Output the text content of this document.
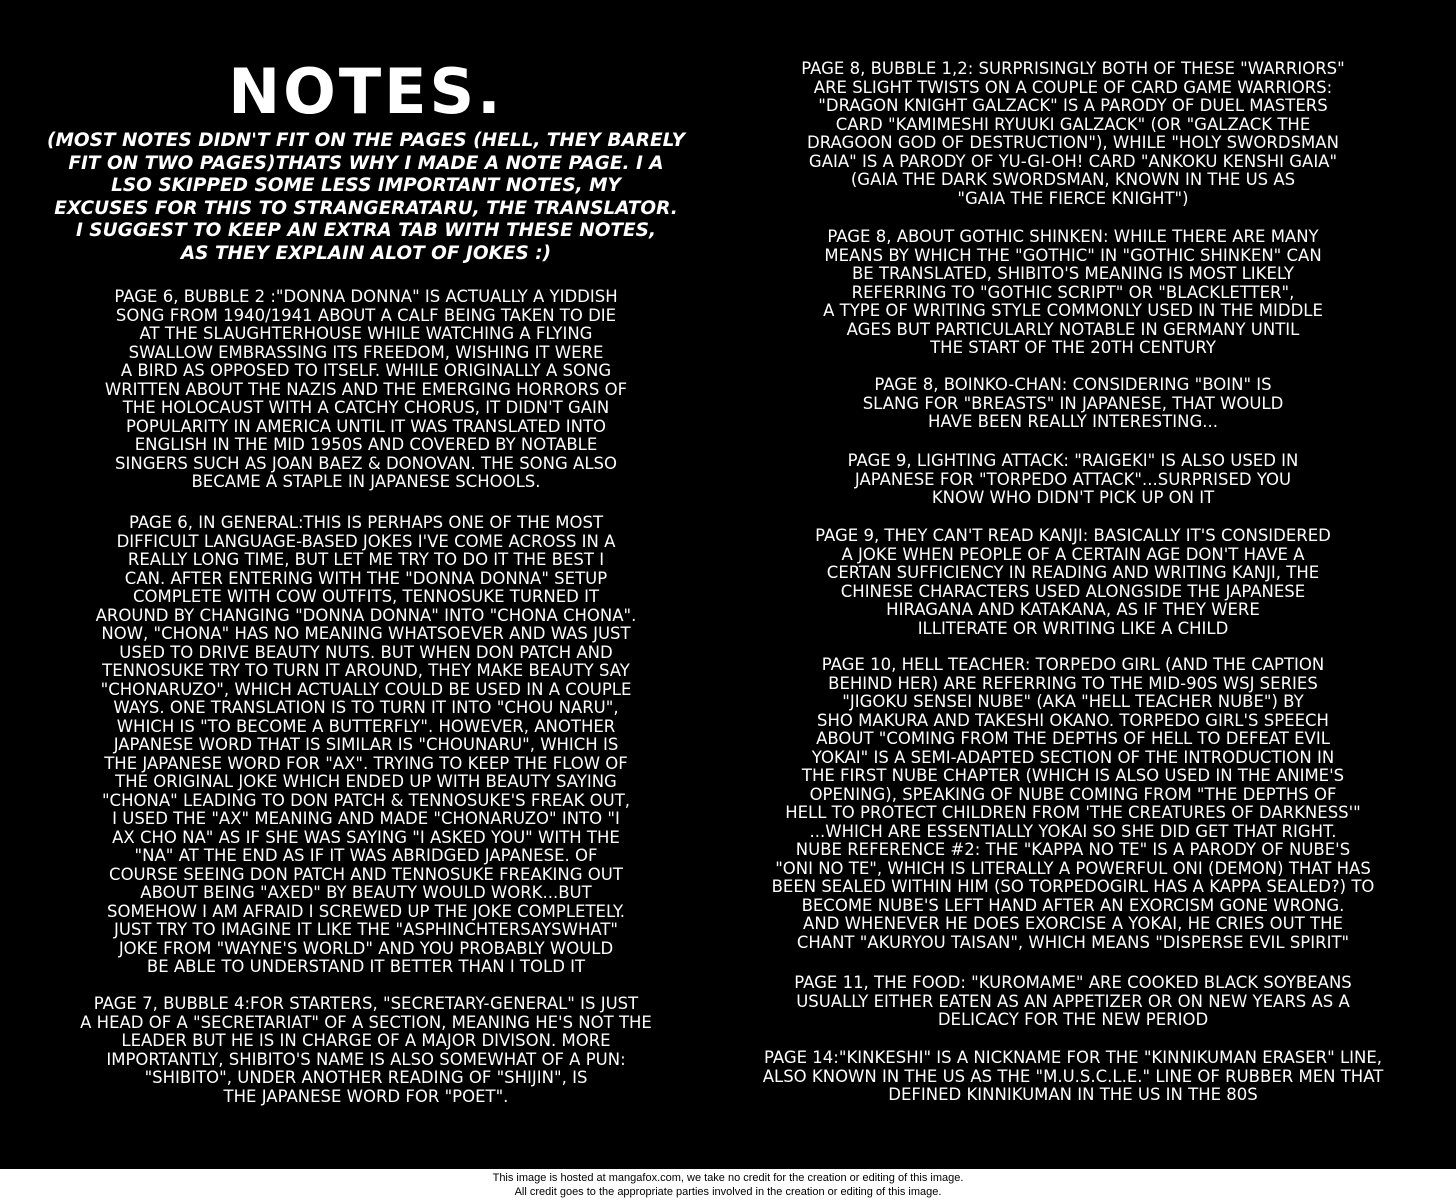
NOTES.
(MOST NOTES DIDN'T FIT ON THE PAGES (HELL, THEY BARELY
FIT ON TWO PAGES)THATS WHY I MADE A NOTE PAGE. I A
LSO SKIPPED SOME LESS IMPORTANT NOTES, MY
EXCUSES FOR THIS TO STRANGERATARU, THE TRANSLATOR.
I SUGGEST TO KEEP AN EXTRA TAB WITH THESE NOTES,
AS THEY EXPLAIN ALOT OF JOKES :)
PAGE 6, BUBBLE 2 :"DONNA DONNA" IS ACTUALLY A YIDDISH
SONG FROM 1940/1941 ABOUT A CALF BEING TAKEN TO DIE
AT THE SLAUGHTERHOUSE WHILE WATCHING A FLYING
SWALLOW EMBRASSING ITS FREEDOM, WISHING IT WERE
A BIRD AS OPPOSED TO ITSELF. WHILE ORIGINALLY A SONG
WRITTEN ABOUT THE NAZIS AND THE EMERGING HORRORS OF
THE HOLOCAUST WITH A CATCHY CHORUS, IT DIDN'T GAIN
POPULARITY IN AMERICA UNTIL IT WAS TRANSLATED INTO
ENGLISH IN THE MID 1950S AND COVERED BY NOTABLE
SINGERS SUCH AS JOAN BAEZ & DONOVAN. THE SONG ALSO
BECAME A STAPLE IN JAPANESE SCHOOLS.
PAGE 6, IN GENERAL:THIS IS PERHAPS ONE OF THE MOST
DIFFICULT LANGUAGE-BASED JOKES I'VE COME ACROSS IN A
REALLY LONG TIME, BUT LET ME TRY TO DO IT THE BEST I
CAN. AFTER ENTERING WITH THE "DONNA DONNA" SETUP
COMPLETE WITH COW OUTFITS, TENNOSUKE TURNED IT
AROUND BY CHANGING "DONNA DONNA" INTO "CHONA CHONA".
NOW, "CHONA" HAS NO MEANING WHATSOEVER AND WAS JUST
USED TO DRIVE BEAUTY NUTS. BUT WHEN DON PATCH AND
TENNOSUKE TRY TO TURN IT AROUND, THEY MAKE BEAUTY SAY
"CHONARUZO", WHICH ACTUALLY COULD BE USED IN A COUPLE
WAYS. ONE TRANSLATION IS TO TURN IT INTO "CHOU NARU",
WHICH IS "TO BECOME A BUTTERFLY". HOWEVER, ANOTHER
JAPANESE WORD THAT IS SIMILAR IS "CHOUNARU", WHICH IS
THE JAPANESE WORD FOR "AX". TRYING TO KEEP THE FLOW OF
THE ORIGINAL JOKE WHICH ENDED UP WITH BEAUTY SAYING
"CHONA" LEADING TO DON PATCH & TENNOSUKE'S FREAK OUT,
I USED THE "AX" MEANING AND MADE "CHONARUZO" INTO "I
AX CHO NA" AS IF SHE WAS SAYING "I ASKED YOU" WITH THE
"NA" AT THE END AS IF IT WAS ABRIDGED JAPANESE. OF
COURSE SEEING DON PATCH AND TENNOSUKE FREAKING OUT
ABOUT BEING "AXED" BY BEAUTY WOULD WORK...BUT
SOMEHOW I AM AFRAID I SCREWED UP THE JOKE COMPLETELY.
JUST TRY TO IMAGINE IT LIKE THE "ASPHINCHTERSAYSWHAT"
JOKE FROM "WAYNE'S WORLD" AND YOU PROBABLY WOULD
BE ABLE TO UNDERSTAND IT BETTER THAN I TOLD IT
PAGE 7, BUBBLE 4:FOR STARTERS, "SECRETARY-GENERAL" IS JUST
A HEAD OF A "SECRETARIAT" OF A SECTION, MEANING HE'S NOT THE
LEADER BUT HE IS IN CHARGE OF A MAJOR DIVISON. MORE
IMPORTANTLY, SHIBITO'S NAME IS ALSO SOMEWHAT OF A PUN:
"SHIBITO", UNDER ANOTHER READING OF "SHIJIN", IS
THE JAPANESE WORD FOR "POET".
PAGE 8, BUBBLE 1,2: SURPRISINGLY BOTH OF THESE "WARRIORS"
ARE SLIGHT TWISTS ON A COUPLE OF CARD GAME WARRIORS:
"DRAGON KNIGHT GALZACK" IS A PARODY OF DUEL MASTERS
CARD "KAMIMESHI RYUUKI GALZACK" (OR "GALZACK THE
DRAGOON GOD OF DESTRUCTION"), WHILE "HOLY SWORDSMAN
GAIA" IS A PARODY OF YU-GI-OH! CARD "ANKOKU KENSHI GAIA"
(GAIA THE DARK SWORDSMAN, KNOWN IN THE US AS
"GAIA THE FIERCE KNIGHT")
PAGE 8, ABOUT GOTHIC SHINKEN: WHILE THERE ARE MANY
MEANS BY WHICH THE "GOTHIC" IN "GOTHIC SHINKEN" CAN
BE TRANSLATED, SHIBITO'S MEANING IS MOST LIKELY
REFERRING TO "GOTHIC SCRIPT" OR "BLACKLETTER",
A TYPE OF WRITING STYLE COMMONLY USED IN THE MIDDLE
AGES BUT PARTICULARLY NOTABLE IN GERMANY UNTIL
THE START OF THE 20TH CENTURY
PAGE 8, BOINKO-CHAN: CONSIDERING "BOIN" IS
SLANG FOR "BREASTS" IN JAPANESE, THAT WOULD
HAVE BEEN REALLY INTERESTING...
PAGE 9, LIGHTING ATTACK: "RAIGEKI" IS ALSO USED IN
JAPANESE FOR "TORPEDO ATTACK"...SURPRISED YOU
KNOW WHO DIDN'T PICK UP ON IT
PAGE 9, THEY CAN'T READ KANJI: BASICALLY IT'S CONSIDERED
A JOKE WHEN PEOPLE OF A CERTAIN AGE DON'T HAVE A
CERTAN SUFFICIENCY IN READING AND WRITING KANJI, THE
CHINESE CHARACTERS USED ALONGSIDE THE JAPANESE
HIRAGANA AND KATAKANA, AS IF THEY WERE
ILLITERATE OR WRITING LIKE A CHILD
PAGE 10, HELL TEACHER: TORPEDO GIRL (AND THE CAPTION
BEHIND HER) ARE REFERRING TO THE MID-90S WSJ SERIES
"JIGOKU SENSEI NUBE" (AKA "HELL TEACHER NUBE") BY
SHO MAKURA AND TAKESHI OKANO. TORPEDO GIRL'S SPEECH
ABOUT "COMING FROM THE DEPTHS OF HELL TO DEFEAT EVIL
YOKAI" IS A SEMI-ADAPTED SECTION OF THE INTRODUCTION IN
THE FIRST NUBE CHAPTER (WHICH IS ALSO USED IN THE ANIME'S
OPENING), SPEAKING OF NUBE COMING FROM "THE DEPTHS OF
HELL TO PROTECT CHILDREN FROM 'THE CREATURES OF DARKNESS'"
...WHICH ARE ESSENTIALLY YOKAI SO SHE DID GET THAT RIGHT.
NUBE REFERENCE #2: THE "KAPPA NO TE" IS A PARODY OF NUBE'S
"ONI NO TE", WHICH IS LITERALLY A POWERFUL ONI (DEMON) THAT HAS
BEEN SEALED WITHIN HIM (SO TORPEDOGIRL HAS A KAPPA SEALED?) TO
BECOME NUBE'S LEFT HAND AFTER AN EXORCISM GONE WRONG.
AND WHENEVER HE DOES EXORCISE A YOKAI, HE CRIES OUT THE
CHANT "AKURYOU TAISAN", WHICH MEANS "DISPERSE EVIL SPIRIT"
PAGE 11, THE FOOD: "KUROMAME" ARE COOKED BLACK SOYBEANS
USUALLY EITHER EATEN AS AN APPETIZER OR ON NEW YEARS AS A
DELICACY FOR THE NEW PERIOD
PAGE 14:"KINKESHI" IS A NICKNAME FOR THE "KINNIKUMAN ERASER" LINE,
ALSO KNOWN IN THE US AS THE "M.U.S.C.L.E." LINE OF RUBBER MEN THAT
DEFINED KINNIKUMAN IN THE US IN THE 80S
This image is hosted at mangafox.com, we take no credit for the creation or editing of this image.
All credit goes to the appropriate parties involved in the creation or editing of this image.
